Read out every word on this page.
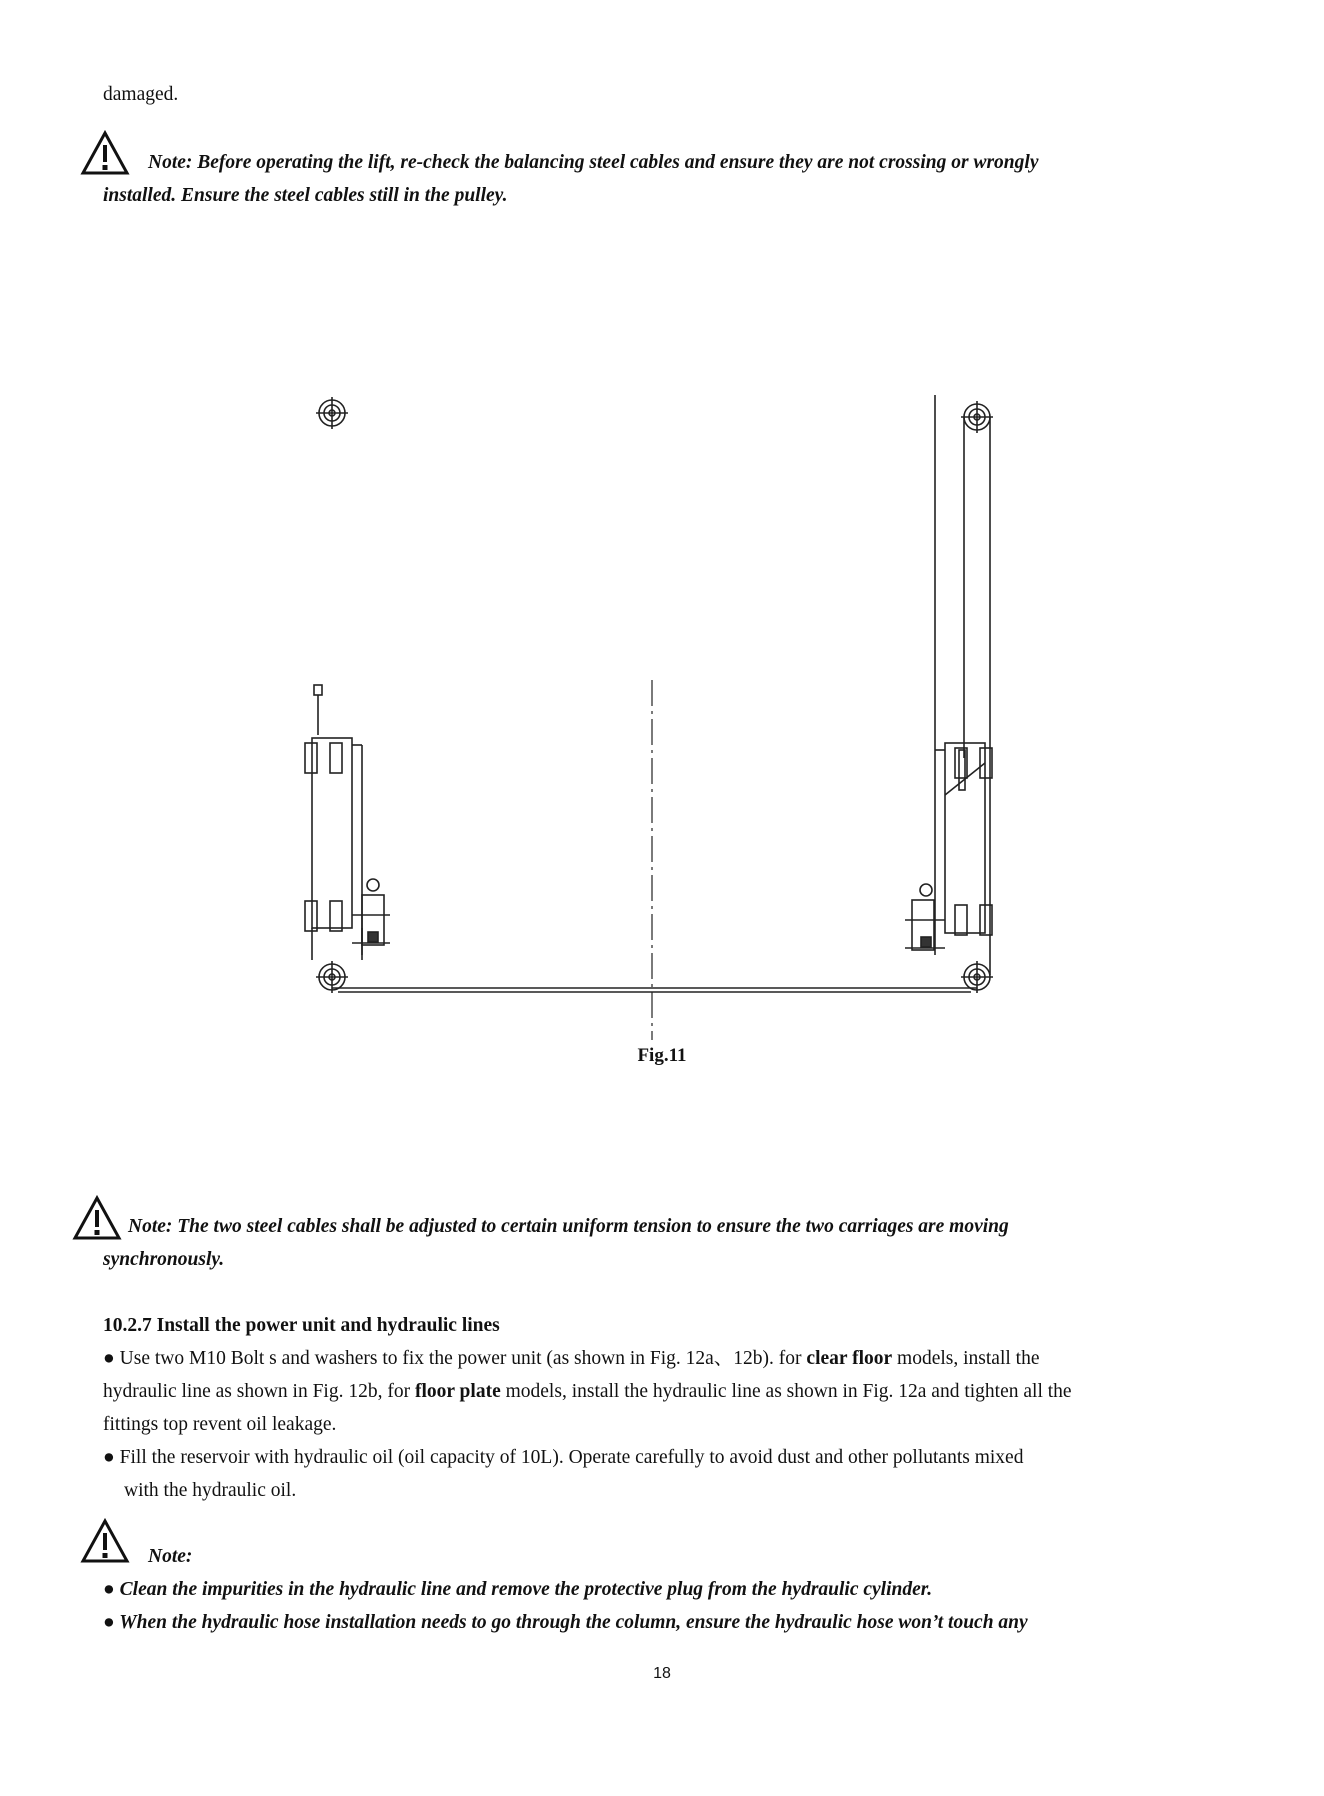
damaged.
Note: Before operating the lift, re-check the balancing steel cables and ensure they are not crossing or wrongly
installed. Ensure the steel cables still in the pulley.
Fig.11
Note: The two steel cables shall be adjusted to certain uniform tension to ensure the two carriages are moving
synchronously.
10.2.7 Install the power unit and hydraulic lines
● Use two M10 Bolt s and washers to fix the power unit (as shown in Fig. 12a、12b). for clear floor models, install the
hydraulic line as shown in Fig. 12b, for floor plate models, install the hydraulic line as shown in Fig. 12a and tighten all the
fittings top revent oil leakage.
● Fill the reservoir with hydraulic oil (oil capacity of 10L). Operate carefully to avoid dust and other pollutants mixed
with the hydraulic oil.
Note:
● Clean the impurities in the hydraulic line and remove the protective plug from the hydraulic cylinder.
● When the hydraulic hose installation needs to go through the column, ensure the hydraulic hose won’t touch any
18
